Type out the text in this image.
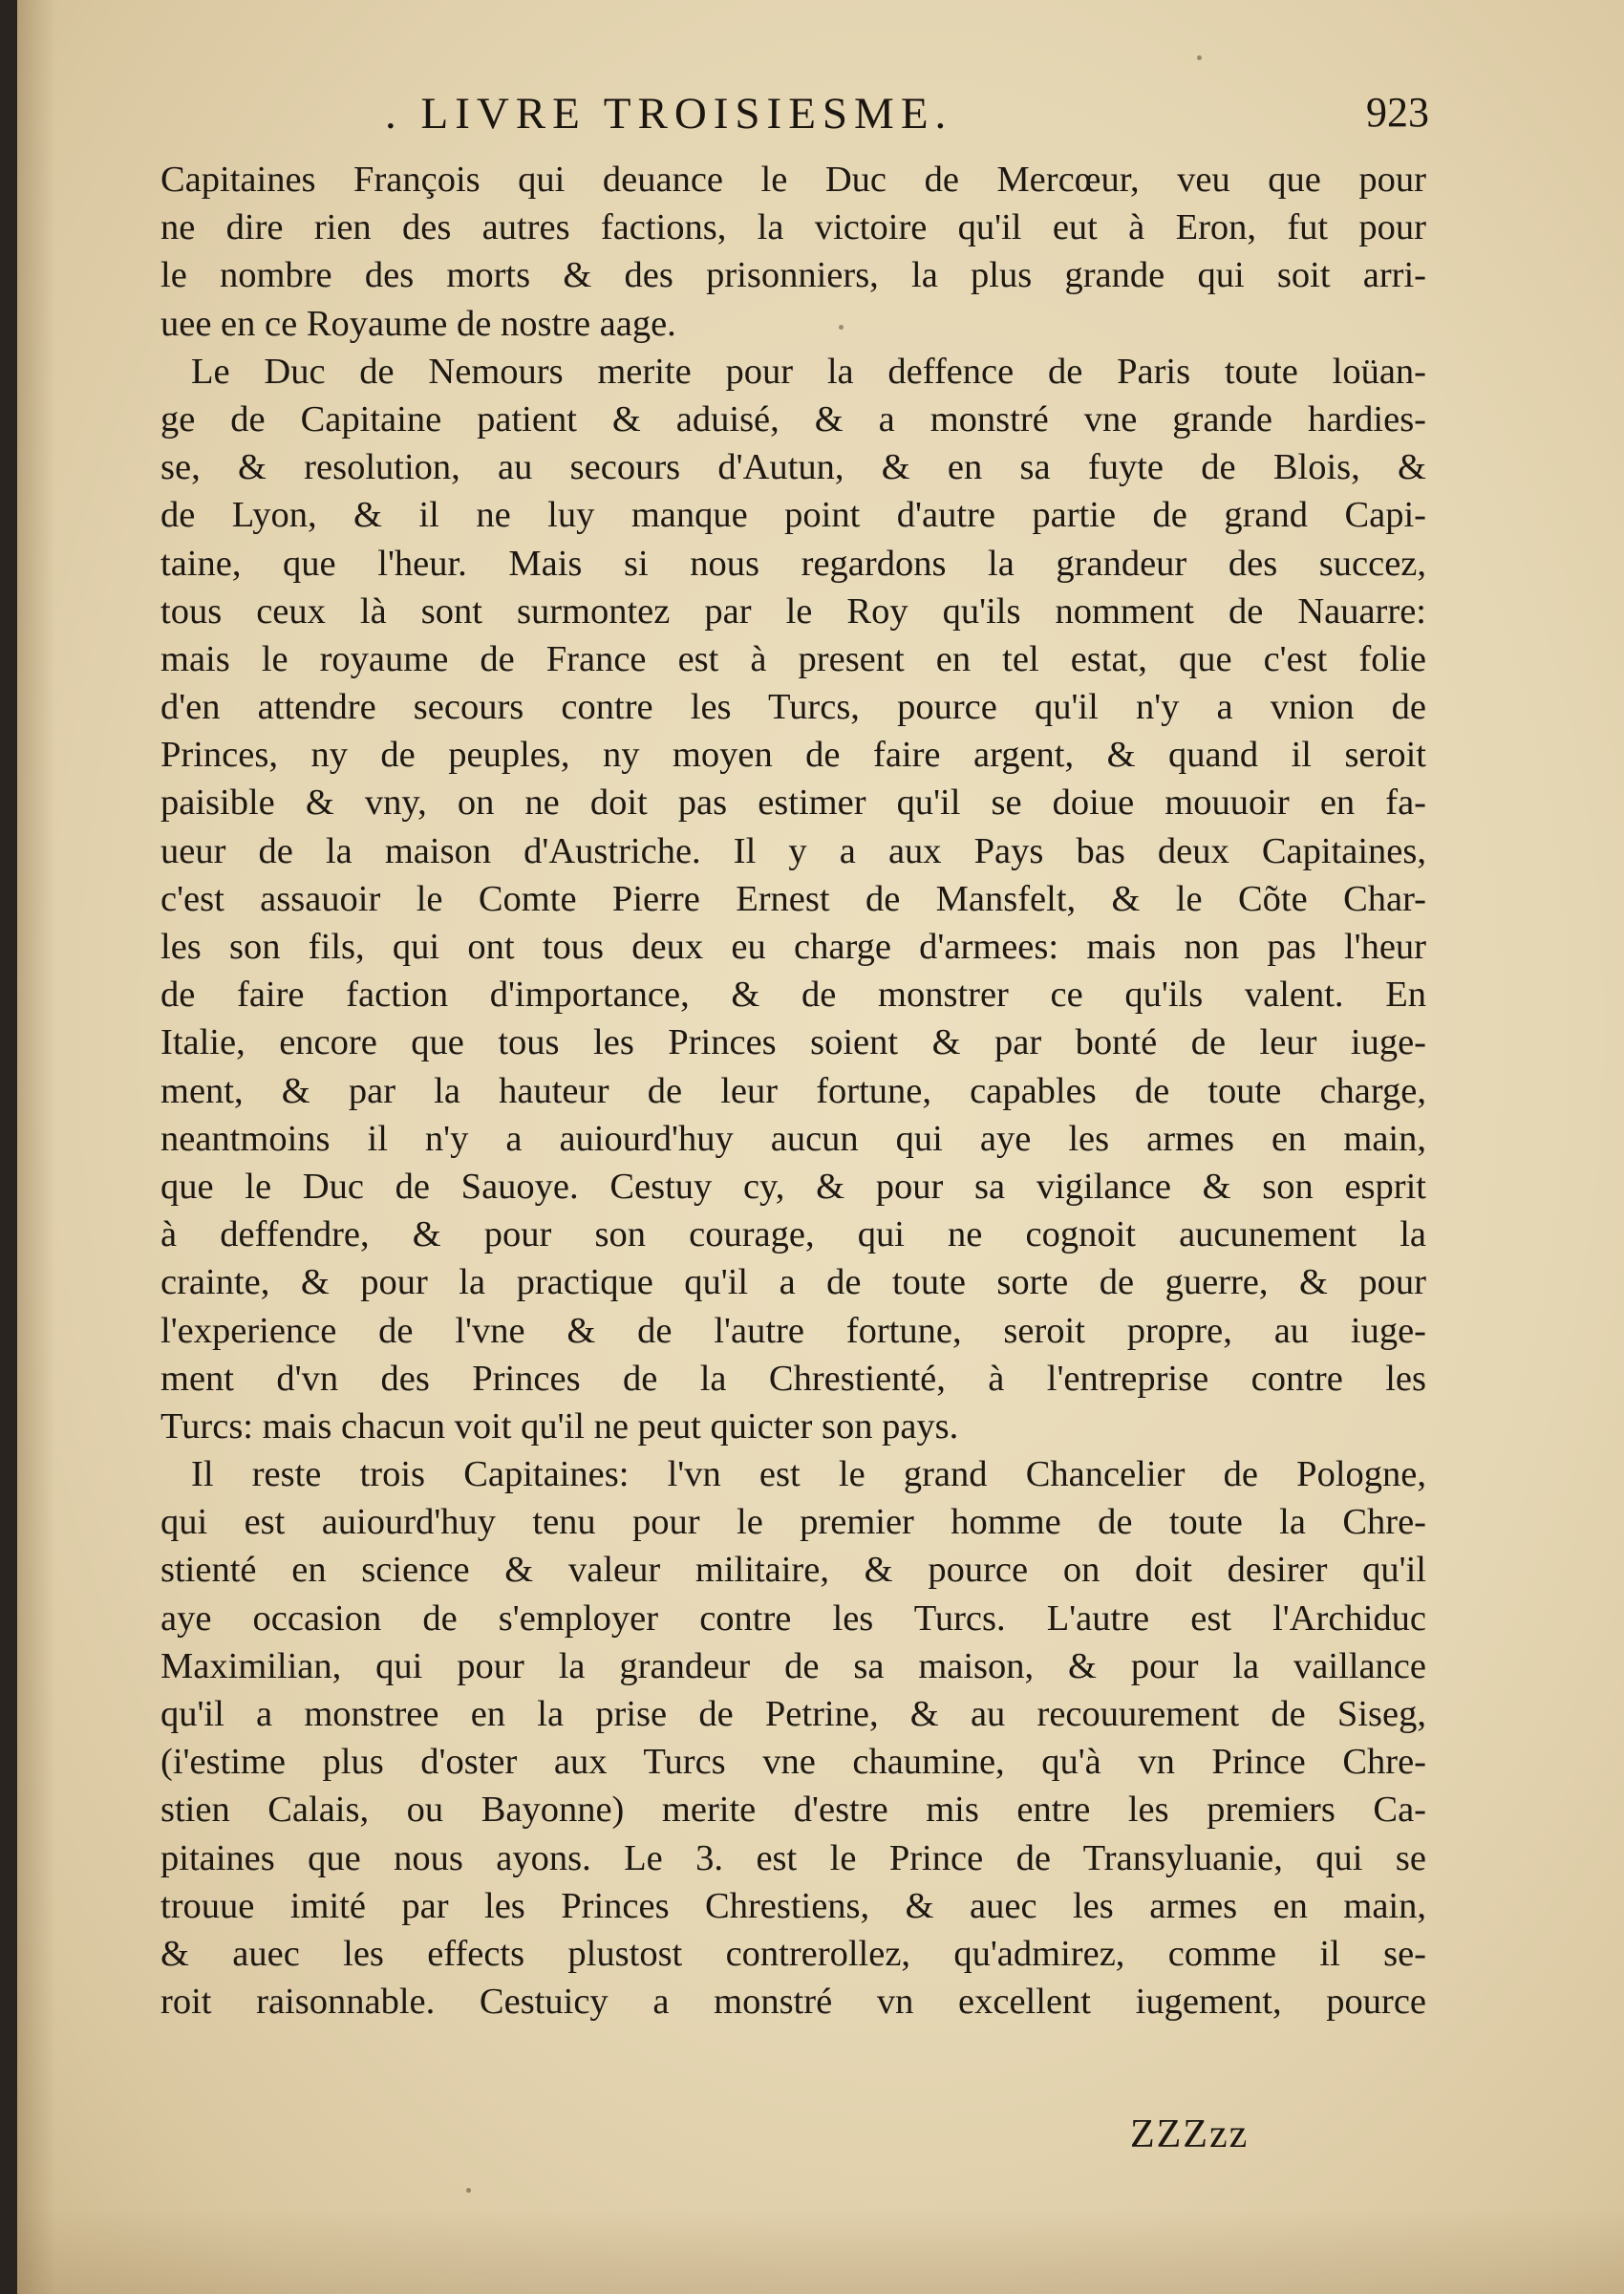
. LIVRE TROISIESME.	923
Capitaines François qui deuance le Duc de Mercœur, veu que pour
ne dire rien des autres factions, la victoire qu'il eut à Eron, fut pour
le nombre des morts & des prisonniers, la plus grande qui soit arri-
uee en ce Royaume de nostre aage.
Le Duc de Nemours merite pour la deffence de Paris toute loüan-
ge de Capitaine patient & aduisé, & a monstré vne grande hardies-
se, & resolution, au secours d'Autun, & en sa fuyte de Blois, &
de Lyon, & il ne luy manque point d'autre partie de grand Capi-
taine, que l'heur. Mais si nous regardons la grandeur des succez,
tous ceux là sont surmontez par le Roy qu'ils nomment de Nauarre:
mais le royaume de France est à present en tel estat, que c'est folie
d'en attendre secours contre les Turcs, pource qu'il n'y a vnion de
Princes, ny de peuples, ny moyen de faire argent, & quand il seroit
paisible & vny, on ne doit pas estimer qu'il se doiue mouuoir en fa-
ueur de la maison d'Austriche. Il y a aux Pays bas deux Capitaines,
c'est assauoir le Comte Pierre Ernest de Mansfelt, & le Cõte Char-
les son fils, qui ont tous deux eu charge d'armees: mais non pas l'heur
de faire faction d'importance, & de monstrer ce qu'ils valent. En
Italie, encore que tous les Princes soient & par bonté de leur iuge-
ment, & par la hauteur de leur fortune, capables de toute charge,
neantmoins il n'y a auiourd'huy aucun qui aye les armes en main,
que le Duc de Sauoye. Cestuy cy, & pour sa vigilance & son esprit
à deffendre, & pour son courage, qui ne cognoit aucunement la
crainte, & pour la practique qu'il a de toute sorte de guerre, & pour
l'experience de l'vne & de l'autre fortune, seroit propre, au iuge-
ment d'vn des Princes de la Chrestienté, à l'entreprise contre les
Turcs: mais chacun voit qu'il ne peut quicter son pays.
Il reste trois Capitaines: l'vn est le grand Chancelier de Pologne,
qui est auiourd'huy tenu pour le premier homme de toute la Chre-
stienté en science & valeur militaire, & pource on doit desirer qu'il
aye occasion de s'employer contre les Turcs. L'autre est l'Archiduc
Maximilian, qui pour la grandeur de sa maison, & pour la vaillance
qu'il a monstree en la prise de Petrine, & au recouurement de Siseg,
(i'estime plus d'oster aux Turcs vne chaumine, qu'à vn Prince Chre-
stien Calais, ou Bayonne) merite d'estre mis entre les premiers Ca-
pitaines que nous ayons. Le 3. est le Prince de Transyluanie, qui se
trouue imité par les Princes Chrestiens, & auec les armes en main,
& auec les effects plustost contrerollez, qu'admirez, comme il se-
roit raisonnable. Cestuicy a monstré vn excellent iugement, pource
ZZZzz
